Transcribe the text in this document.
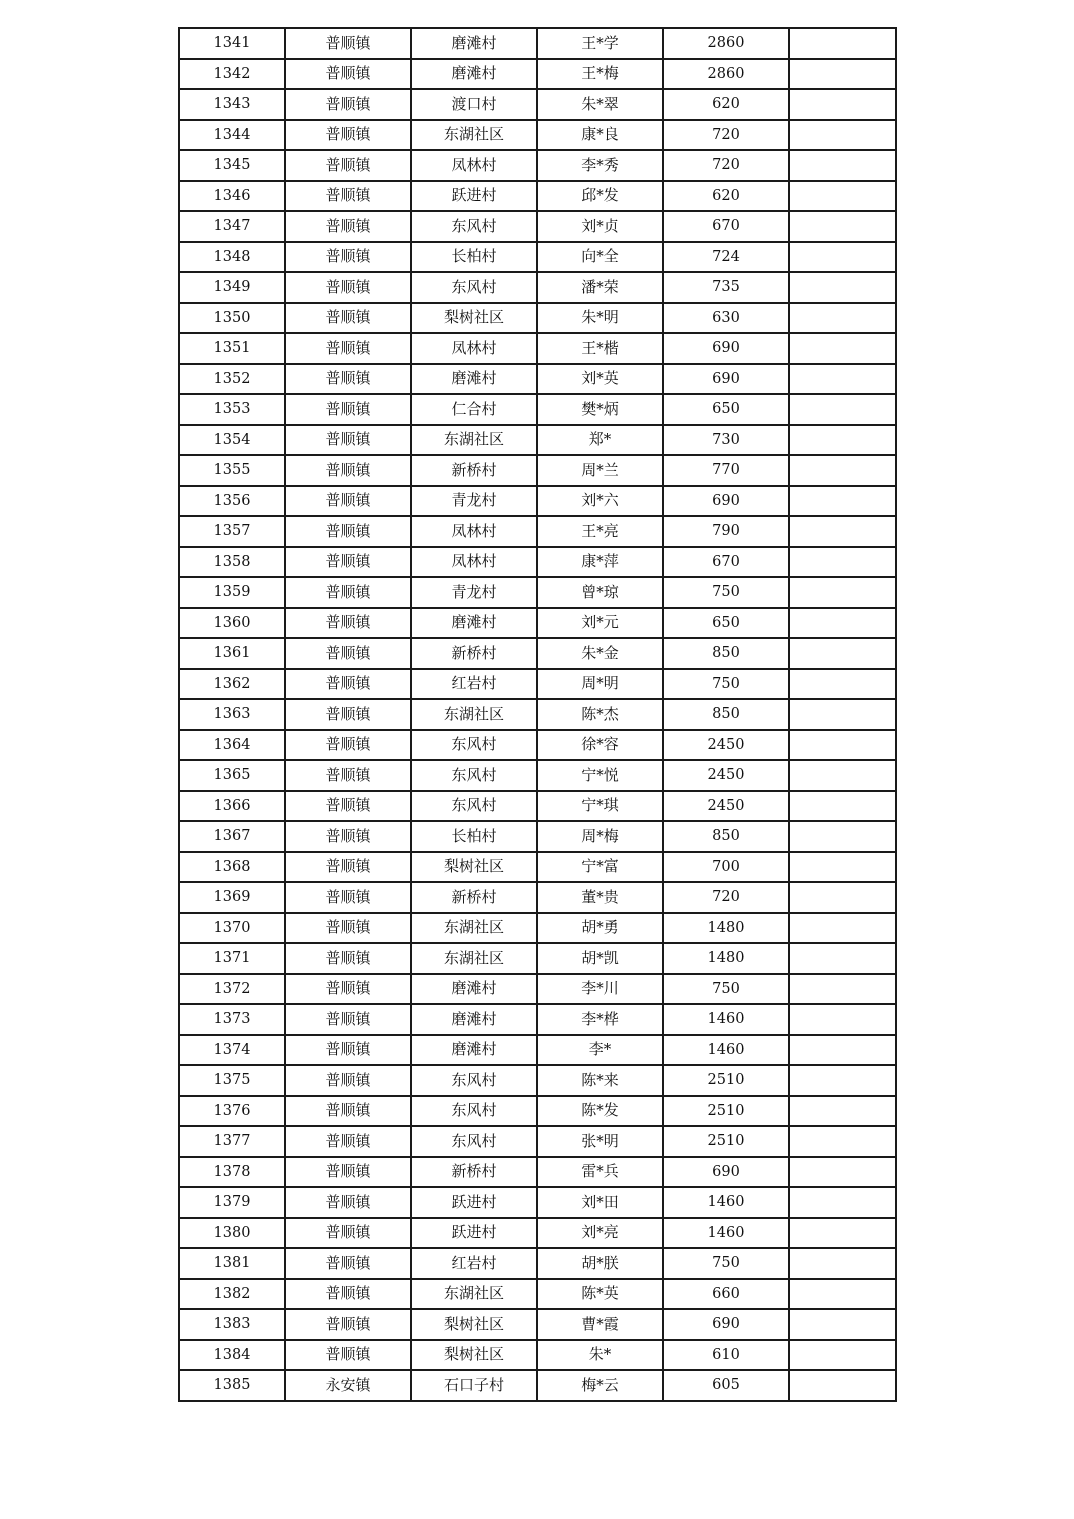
1341	普顺镇	磨滩村	王*学	2860	
1342	普顺镇	磨滩村	王*梅	2860	
1343	普顺镇	渡口村	朱*翠	620	
1344	普顺镇	东湖社区	康*良	720	
1345	普顺镇	凤林村	李*秀	720	
1346	普顺镇	跃进村	邱*发	620	
1347	普顺镇	东风村	刘*贞	670	
1348	普顺镇	长柏村	向*全	724	
1349	普顺镇	东风村	潘*荣	735	
1350	普顺镇	梨树社区	朱*明	630	
1351	普顺镇	凤林村	王*楷	690	
1352	普顺镇	磨滩村	刘*英	690	
1353	普顺镇	仁合村	樊*炳	650	
1354	普顺镇	东湖社区	郑*	730	
1355	普顺镇	新桥村	周*兰	770	
1356	普顺镇	青龙村	刘*六	690	
1357	普顺镇	凤林村	王*亮	790	
1358	普顺镇	凤林村	康*萍	670	
1359	普顺镇	青龙村	曾*琼	750	
1360	普顺镇	磨滩村	刘*元	650	
1361	普顺镇	新桥村	朱*金	850	
1362	普顺镇	红岩村	周*明	750	
1363	普顺镇	东湖社区	陈*杰	850	
1364	普顺镇	东风村	徐*容	2450	
1365	普顺镇	东风村	宁*悦	2450	
1366	普顺镇	东风村	宁*琪	2450	
1367	普顺镇	长柏村	周*梅	850	
1368	普顺镇	梨树社区	宁*富	700	
1369	普顺镇	新桥村	董*贵	720	
1370	普顺镇	东湖社区	胡*勇	1480	
1371	普顺镇	东湖社区	胡*凯	1480	
1372	普顺镇	磨滩村	李*川	750	
1373	普顺镇	磨滩村	李*桦	1460	
1374	普顺镇	磨滩村	李*	1460	
1375	普顺镇	东风村	陈*来	2510	
1376	普顺镇	东风村	陈*发	2510	
1377	普顺镇	东风村	张*明	2510	
1378	普顺镇	新桥村	雷*兵	690	
1379	普顺镇	跃进村	刘*田	1460	
1380	普顺镇	跃进村	刘*亮	1460	
1381	普顺镇	红岩村	胡*朕	750	
1382	普顺镇	东湖社区	陈*英	660	
1383	普顺镇	梨树社区	曹*霞	690	
1384	普顺镇	梨树社区	朱*	610	
1385	永安镇	石口子村	梅*云	605	
